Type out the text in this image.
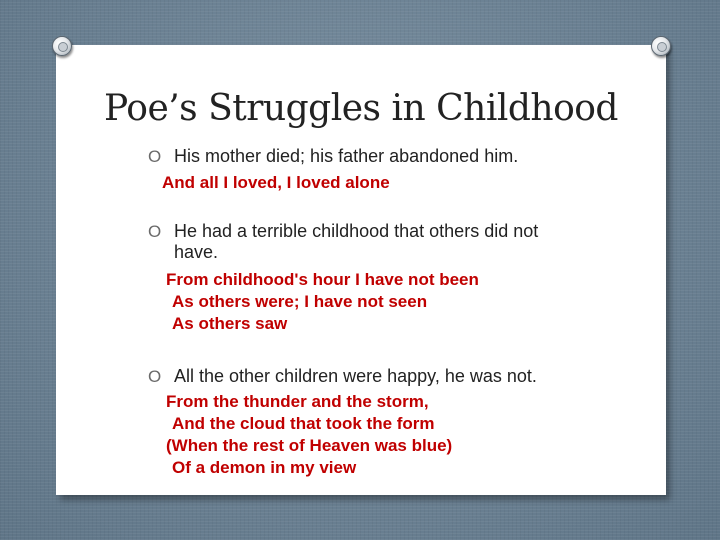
Poe’s Struggles in Childhood
O His mother died; his father abandoned him.
And all I loved, I loved alone
O He had a terrible childhood that others did not
have.
From childhood's hour I have not been
As others were; I have not seen
As others saw
O All the other children were happy, he was not.
From the thunder and the storm,
And the cloud that took the form
(When the rest of Heaven was blue)
Of a demon in my view
